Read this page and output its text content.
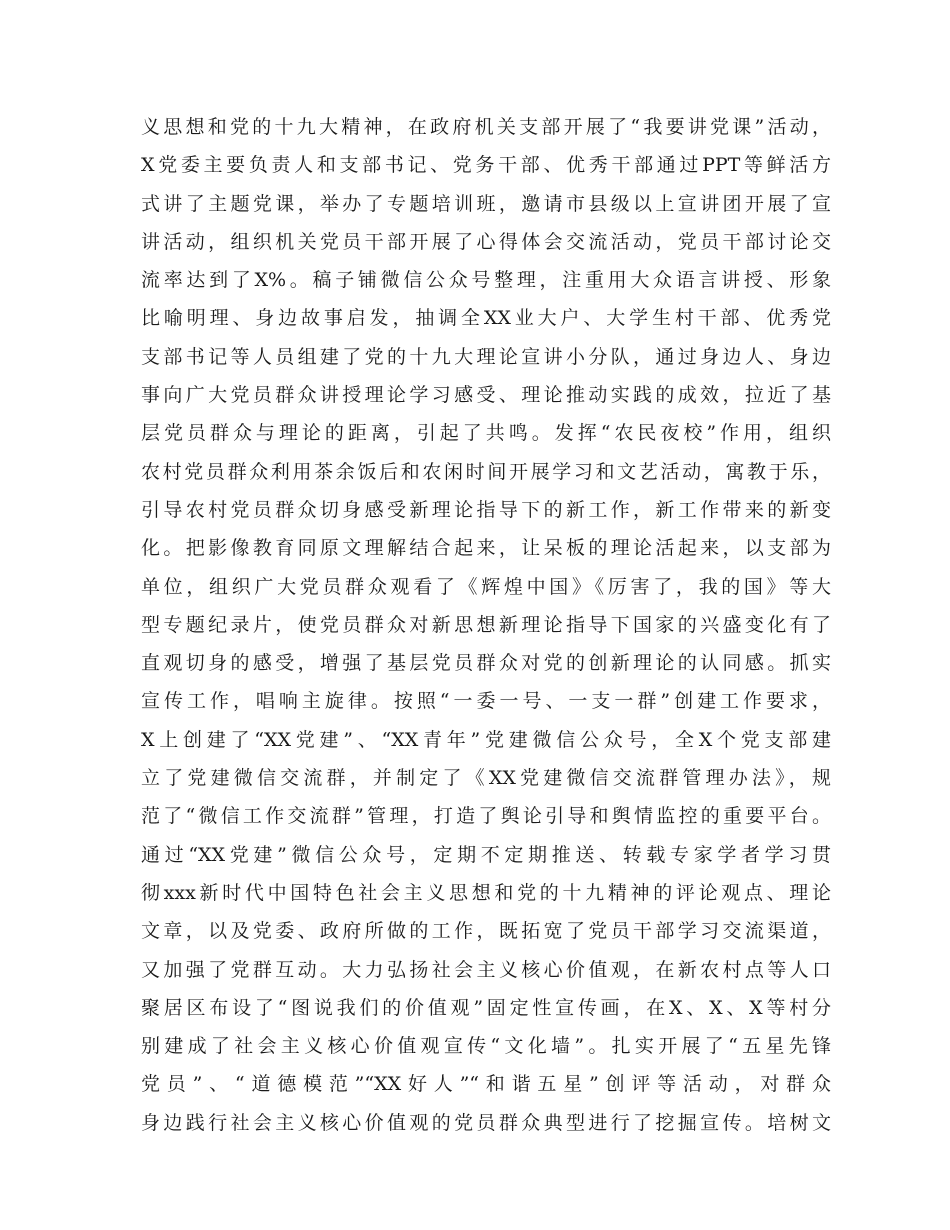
义思想和党的十九大精神，在政府机关支部开展了“我要讲党课”活动，
X党委主要负责人和支部书记、党务干部、优秀干部通过PPT等鲜活方
式讲了主题党课，举办了专题培训班，邀请市县级以上宣讲团开展了宣
讲活动，组织机关党员干部开展了心得体会交流活动，党员干部讨论交
流率达到了X%。稿子铺微信公众号整理，注重用大众语言讲授、形象
比喻明理、身边故事启发，抽调全XX业大户、大学生村干部、优秀党
支部书记等人员组建了党的十九大理论宣讲小分队，通过身边人、身边
事向广大党员群众讲授理论学习感受、理论推动实践的成效，拉近了基
层党员群众与理论的距离，引起了共鸣。发挥“农民夜校”作用，组织
农村党员群众利用茶余饭后和农闲时间开展学习和文艺活动，寓教于乐，
引导农村党员群众切身感受新理论指导下的新工作，新工作带来的新变
化。把影像教育同原文理解结合起来，让呆板的理论活起来，以支部为
单位，组织广大党员群众观看了《辉煌中国》《厉害了，我的国》等大
型专题纪录片，使党员群众对新思想新理论指导下国家的兴盛变化有了
直观切身的感受，增强了基层党员群众对党的创新理论的认同感。抓实
宣传工作，唱响主旋律。按照“一委一号、一支一群”创建工作要求，
X上创建了“XX党建”、“XX青年”党建微信公众号，全X个党支部建
立了党建微信交流群，并制定了《XX党建微信交流群管理办法》，规
范了“微信工作交流群”管理，打造了舆论引导和舆情监控的重要平台。
通过“XX党建”微信公众号，定期不定期推送、转载专家学者学习贯
彻xxx新时代中国特色社会主义思想和党的十九精神的评论观点、理论
文章，以及党委、政府所做的工作，既拓宽了党员干部学习交流渠道，
又加强了党群互动。大力弘扬社会主义核心价值观，在新农村点等人口
聚居区布设了“图说我们的价值观”固定性宣传画，在X、X、X等村分
别建成了社会主义核心价值观宣传“文化墙”。扎实开展了“五星先锋
党员”、“道德模范”“XX好人”“和谐五星”创评等活动，对群众
身边践行社会主义核心价值观的党员群众典型进行了挖掘宣传。培树文
